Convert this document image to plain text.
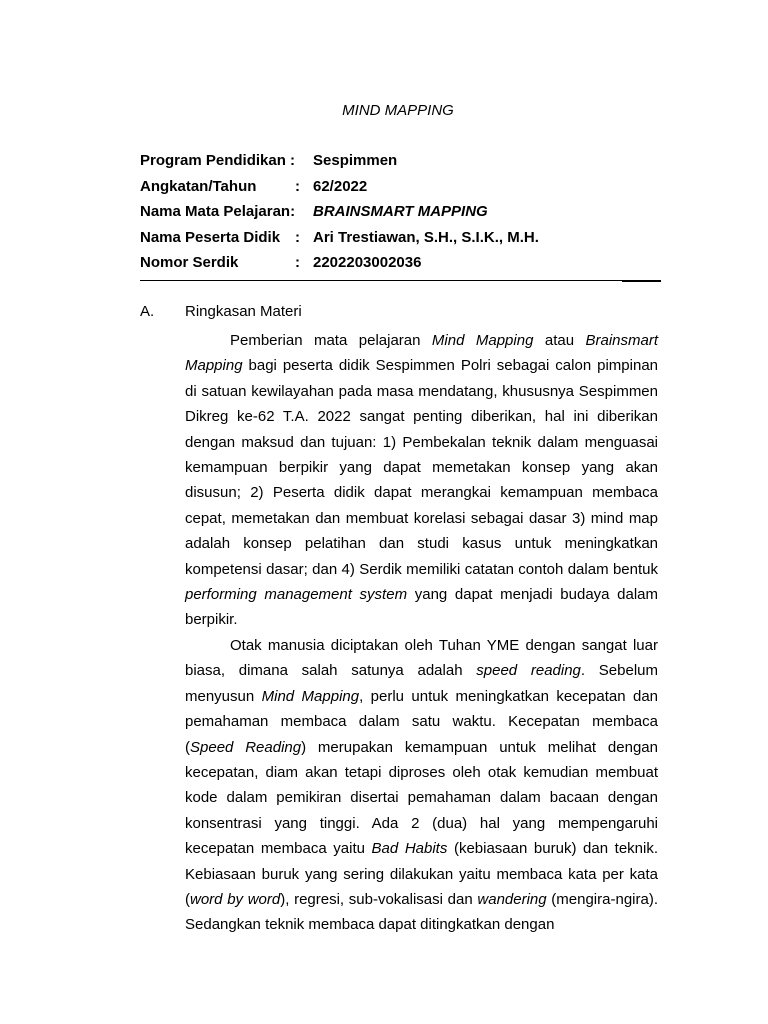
MIND MAPPING
Program Pendidikan : Sespimmen
Angkatan/Tahun	: 62/2022
Nama Mata Pelajaran: BRAINSMART MAPPING
Nama Peserta Didik : Ari Trestiawan, S.H., S.I.K., M.H.
Nomor Serdik	: 2202203002036
A. Ringkasan Materi

Pemberian mata pelajaran Mind Mapping atau Brainsmart Mapping bagi peserta didik Sespimmen Polri sebagai calon pimpinan di satuan kewilayahan pada masa mendatang, khususnya Sespimmen Dikreg ke-62 T.A. 2022 sangat penting diberikan, hal ini diberikan dengan maksud dan tujuan: 1) Pembekalan teknik dalam menguasai kemampuan berpikir yang dapat memetakan konsep yang akan disusun; 2) Peserta didik dapat merangkai kemampuan membaca cepat, memetakan dan membuat korelasi sebagai dasar 3) mind map adalah konsep pelatihan dan studi kasus untuk meningkatkan kompetensi dasar; dan 4) Serdik memiliki catatan contoh dalam bentuk performing management system yang dapat menjadi budaya dalam berpikir.

Otak manusia diciptakan oleh Tuhan YME dengan sangat luar biasa, dimana salah satunya adalah speed reading. Sebelum menyusun Mind Mapping, perlu untuk meningkatkan kecepatan dan pemahaman membaca dalam satu waktu. Kecepatan membaca (Speed Reading) merupakan kemampuan untuk melihat dengan kecepatan, diam akan tetapi diproses oleh otak kemudian membuat kode dalam pemikiran disertai pemahaman dalam bacaan dengan konsentrasi yang tinggi. Ada 2 (dua) hal yang mempengaruhi kecepatan membaca yaitu Bad Habits (kebiasaan buruk) dan teknik. Kebiasaan buruk yang sering dilakukan yaitu membaca kata per kata (word by word), regresi, sub-vokalisasi dan wandering (mengira-ngira). Sedangkan teknik membaca dapat ditingkatkan dengan
